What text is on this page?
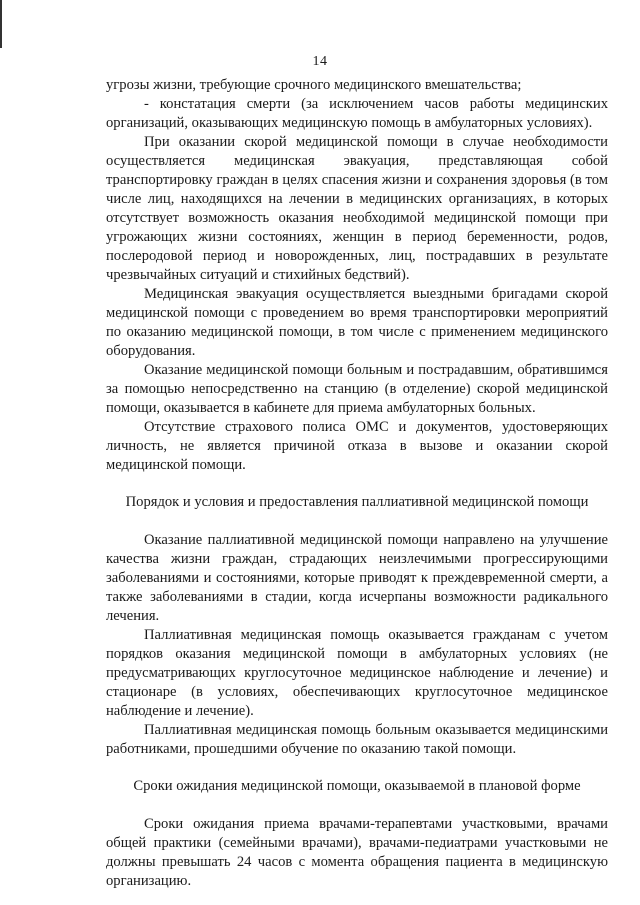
14

угрозы жизни, требующие срочного медицинского вмешательства;

- констатация смерти (за исключением часов работы медицинских организаций, оказывающих медицинскую помощь в амбулаторных условиях).

При оказании скорой медицинской помощи в случае необходимости осуществляется медицинская эвакуация, представляющая собой транспортировку граждан в целях спасения жизни и сохранения здоровья (в том числе лиц, находящихся на лечении в медицинских организациях, в которых отсутствует возможность оказания необходимой медицинской помощи при угрожающих жизни состояниях, женщин в период беременности, родов, послеродовой период и новорожденных, лиц, пострадавших в результате чрезвычайных ситуаций и стихийных бедствий).

Медицинская эвакуация осуществляется выездными бригадами скорой медицинской помощи с проведением во время транспортировки мероприятий по оказанию медицинской помощи, в том числе с применением медицинского оборудования.

Оказание медицинской помощи больным и пострадавшим, обратившимся за помощью непосредственно на станцию (в отделение) скорой медицинской помощи, оказывается в кабинете для приема амбулаторных больных.

Отсутствие страхового полиса ОМС и документов, удостоверяющих личность, не является причиной отказа в вызове и оказании скорой медицинской помощи.

Порядок и условия и предоставления паллиативной медицинской помощи

Оказание паллиативной медицинской помощи направлено на улучшение качества жизни граждан, страдающих неизлечимыми прогрессирующими заболеваниями и состояниями, которые приводят к преждевременной смерти, а также заболеваниями в стадии, когда исчерпаны возможности радикального лечения.

Паллиативная медицинская помощь оказывается гражданам с учетом порядков оказания медицинской помощи в амбулаторных условиях (не предусматривающих круглосуточное медицинское наблюдение и лечение) и стационаре (в условиях, обеспечивающих круглосуточное медицинское наблюдение и лечение).

Паллиативная медицинская помощь больным оказывается медицинскими работниками, прошедшими обучение по оказанию такой помощи.

Сроки ожидания медицинской помощи, оказываемой в плановой форме

Сроки ожидания приема врачами-терапевтами участковыми, врачами общей практики (семейными врачами), врачами-педиатрами участковыми не должны превышать 24 часов с момента обращения пациента в медицинскую организацию.
